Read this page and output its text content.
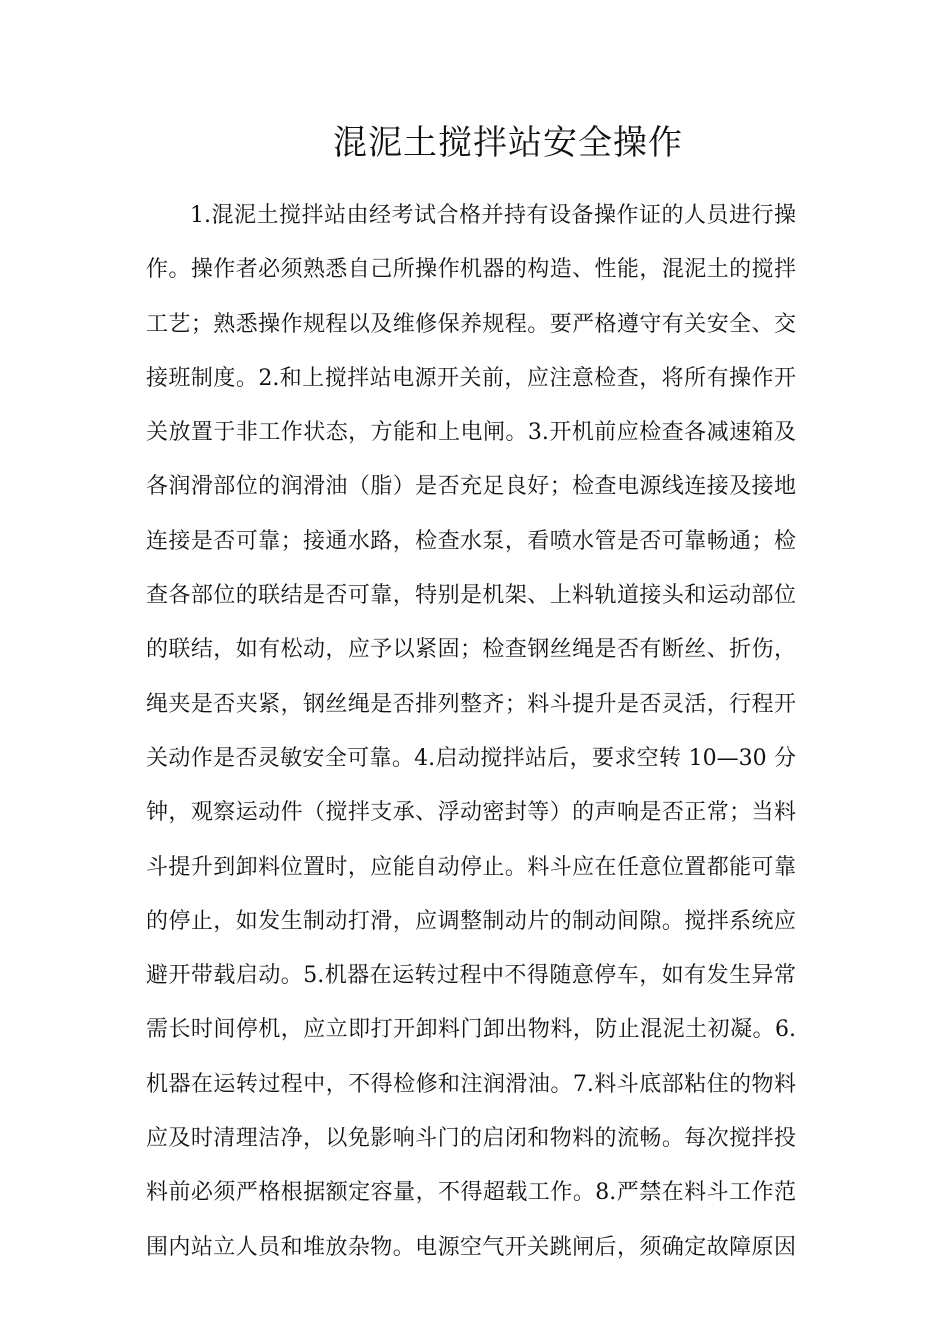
混泥土搅拌站安全操作
1.混泥土搅拌站由经考试合格并持有设备操作证的人员进行操
作。操作者必须熟悉自己所操作机器的构造、性能，混泥土的搅拌
工艺；熟悉操作规程以及维修保养规程。要严格遵守有关安全、交
接班制度。2.和上搅拌站电源开关前，应注意检查，将所有操作开
关放置于非工作状态，方能和上电闸。3.开机前应检查各减速箱及
各润滑部位的润滑油（脂）是否充足良好；检查电源线连接及接地
连接是否可靠；接通水路，检查水泵，看喷水管是否可靠畅通；检
查各部位的联结是否可靠，特别是机架、上料轨道接头和运动部位
的联结，如有松动，应予以紧固；检查钢丝绳是否有断丝、折伤，
绳夹是否夹紧，钢丝绳是否排列整齐；料斗提升是否灵活，行程开
关动作是否灵敏安全可靠。4.启动搅拌站后，要求空转 10—30 分
钟，观察运动件（搅拌支承、浮动密封等）的声响是否正常；当料
斗提升到卸料位置时，应能自动停止。料斗应在任意位置都能可靠
的停止，如发生制动打滑，应调整制动片的制动间隙。搅拌系统应
避开带载启动。5.机器在运转过程中不得随意停车，如有发生异常
需长时间停机，应立即打开卸料门卸出物料，防止混泥土初凝。6.
机器在运转过程中，不得检修和注润滑油。7.料斗底部粘住的物料
应及时清理洁净，以免影响斗门的启闭和物料的流畅。每次搅拌投
料前必须严格根据额定容量，不得超载工作。8.严禁在料斗工作范
围内站立人员和堆放杂物。电源空气开关跳闸后，须确定故障原因
